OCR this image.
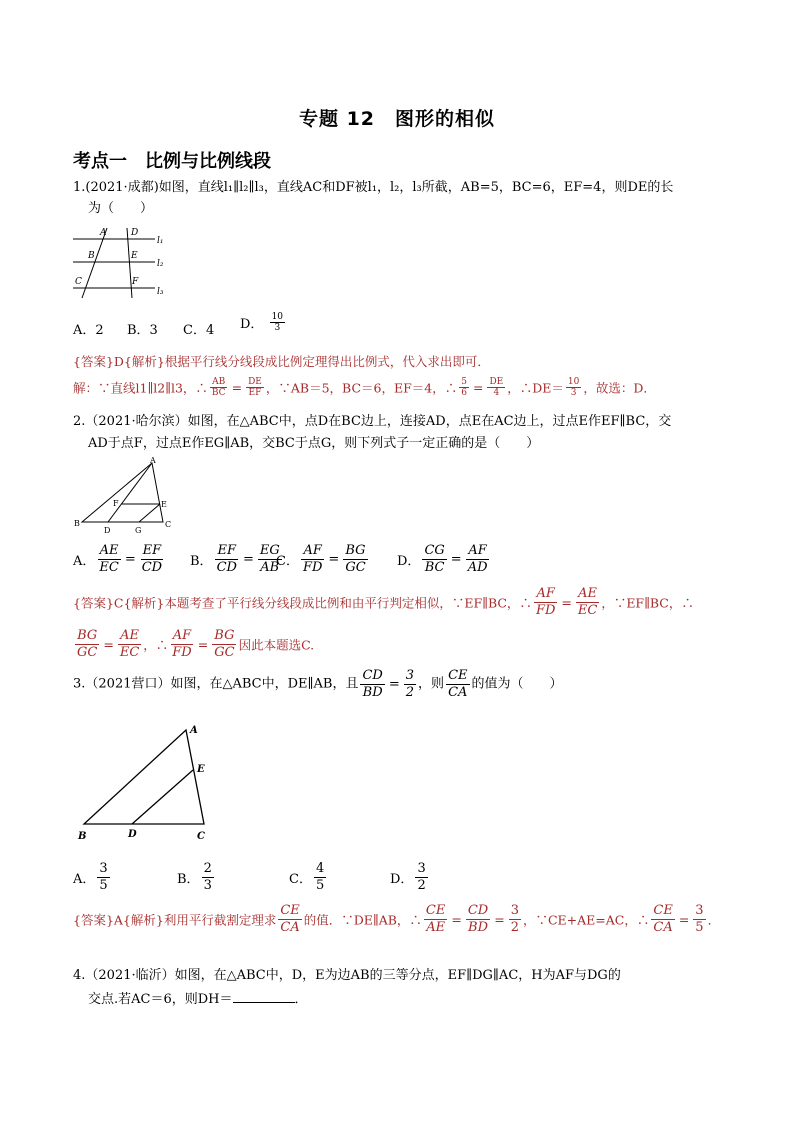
专题 12　图形的相似
考点一　比例与比例线段
1.(2021·成都)如图，直线l₁∥l₂∥l₃，直线AC和DF被l₁，l₂，l₃所截，AB=5，BC=6，EF=4，则DE的长
为（　　）
A	D
l₁
B	E
l₂
C	F
l₃
A．2 B．3 C．4 D． $\frac{10}{3}$
{答案}D{解析}根据平行线分线段成比例定理得出比例式，代入求出即可．
解：∵直线l1∥l2∥l3，∴ $\frac{AB}{BC} = \frac{DE}{EF}$ ，∵AB＝5，BC＝6，EF＝4，∴ $\frac{5}{6} = \frac{DE}{4}$ ，∴DE＝ $\frac{10}{3}$ ，故选：D．
2.（2021·哈尔滨）如图，在△ABC中，点D在BC边上，连接AD，点E在AC边上，过点E作EF∥BC，交
AD于点F，过点E作EG∥AB，交BC于点G，则下列式子一定正确的是（　　）
A
F	E
B
D	G
C
A． $\frac{AE}{EC} = \frac{EF}{CD}$ B． $\frac{EF}{CD} = \frac{EG}{AB}$
C． $\frac{AF}{FD} = \frac{BG}{GC}$ D． $\frac{CG}{BC} = \frac{AF}{AD}$
{答案}C{解析}本题考查了平行线分线段成比例和由平行判定相似，∵EF∥BC，∴ $\frac{AF}{FD} = \frac{AE}{EC}$ ，∵EF∥BC，∴
$\frac{BG}{GC} = \frac{AE}{EC}$ ，∴ $\frac{AF}{FD} = \frac{BG}{GC}$ 因此本题选C.
3.（2021营口）如图，在△ABC中，DE∥AB，且 $\frac{CD}{BD} = \frac{3}{2}$ ，则 $\frac{CE}{CA}$ 的值为（　　）
A
E
B	D	C
A． $\frac{3}{5}$	B． $\frac{2}{3}$	C． $\frac{4}{5}$	D． $\frac{3}{2}$
{答案}A{解析}利用平行截割定理求 $\frac{CE}{CA}$ 的值．∵DE∥AB，∴ $\frac{CE}{AE} = \frac{CD}{BD} = \frac{3}{2}$ ，∵CE+AE=AC，∴ $\frac{CE}{CA} = \frac{3}{5}$ ．
4.（2021·临沂）如图，在△ABC中，D，E为边AB的三等分点，EF∥DG∥AC，H为AF与DG的
交点.若AC＝6，则DH＝	．
